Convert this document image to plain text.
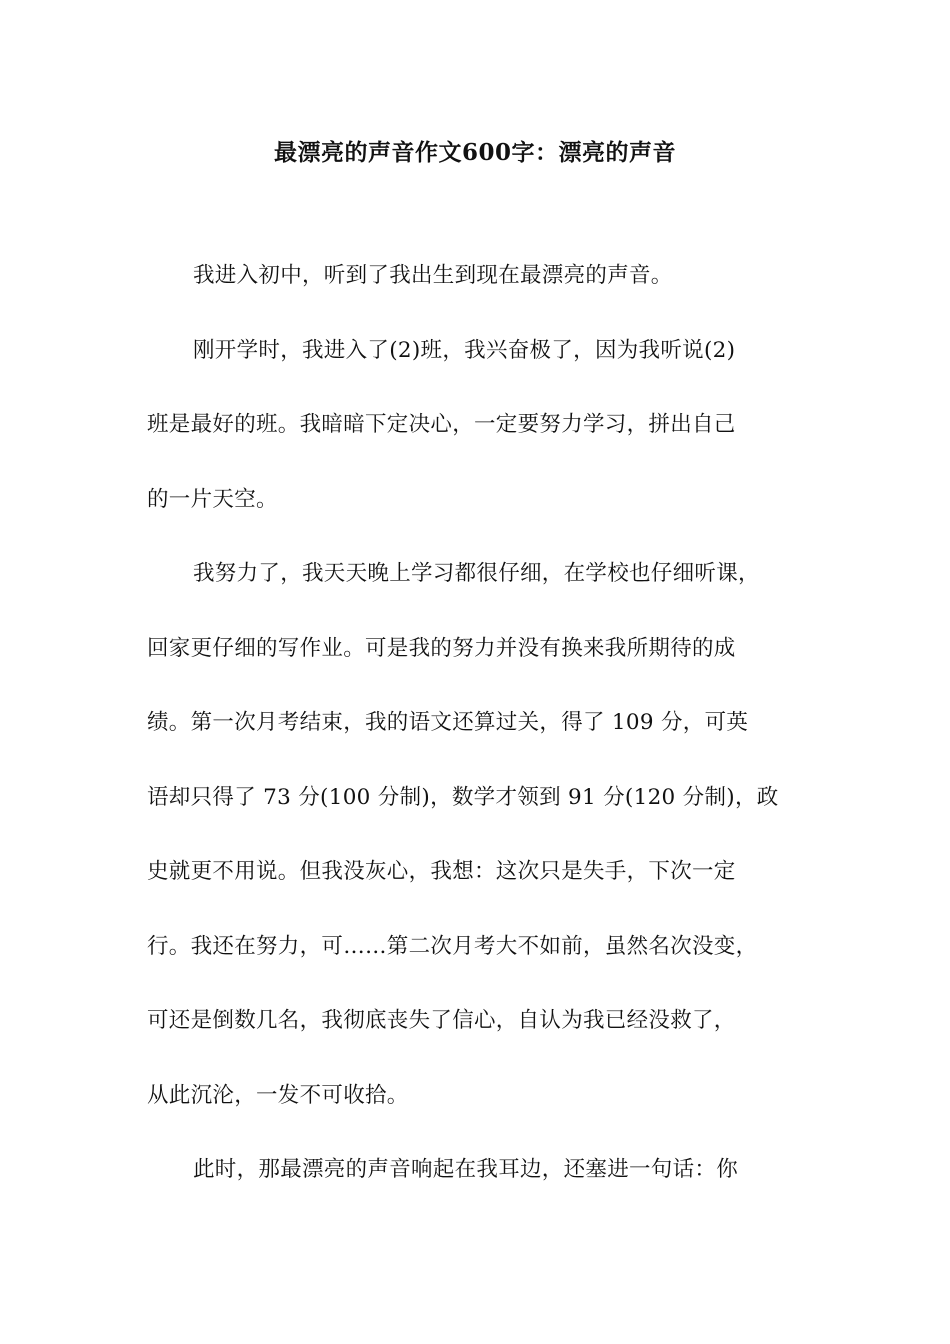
最漂亮的声音作文600字：漂亮的声音
我进入初中，听到了我出生到现在最漂亮的声音。
刚开学时，我进入了(2)班，我兴奋极了，因为我听说(2)
班是最好的班。我暗暗下定决心，一定要努力学习，拼出自己
的一片天空。
我努力了，我天天晚上学习都很仔细，在学校也仔细听课，
回家更仔细的写作业。可是我的努力并没有换来我所期待的成
绩。第一次月考结束，我的语文还算过关，得了 109 分，可英
语却只得了 73 分(100 分制)，数学才领到 91 分(120 分制)，政
史就更不用说。但我没灰心，我想：这次只是失手，下次一定
行。我还在努力，可……第二次月考大不如前，虽然名次没变，
可还是倒数几名，我彻底丧失了信心，自认为我已经没救了，
从此沉沦，一发不可收拾。
此时，那最漂亮的声音响起在我耳边，还塞进一句话：你
